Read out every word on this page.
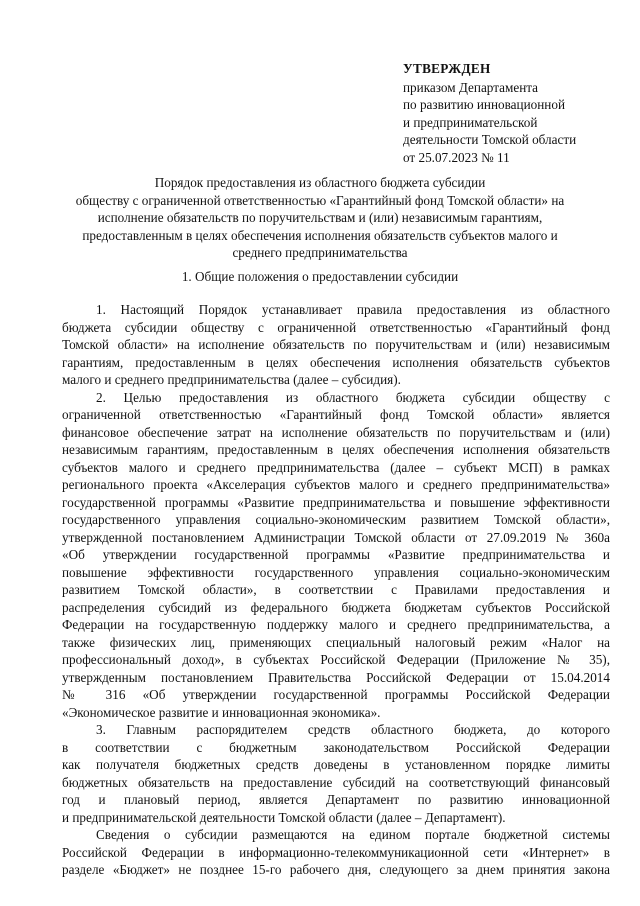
УТВЕРЖДЕН
приказом Департамента
по развитию инновационной
и предпринимательской
деятельности Томской области
от 25.07.2023 № 11
Порядок предоставления из областного бюджета субсидии
обществу с ограниченной ответственностью «Гарантийный фонд Томской области» на
исполнение обязательств по поручительствам и (или) независимым гарантиям,
предоставленным в целях обеспечения исполнения обязательств субъектов малого и
среднего предпринимательства
1. Общие положения о предоставлении субсидии
1. Настоящий Порядок устанавливает правила предоставления из областного
бюджета субсидии обществу с ограниченной ответственностью «Гарантийный фонд
Томской области» на исполнение обязательств по поручительствам и (или) независимым
гарантиям, предоставленным в целях обеспечения исполнения обязательств субъектов
малого и среднего предпринимательства (далее – субсидия).
2. Целью предоставления из областного бюджета субсидии обществу с
ограниченной ответственностью «Гарантийный фонд Томской области» является
финансовое обеспечение затрат на исполнение обязательств по поручительствам и (или)
независимым гарантиям, предоставленным в целях обеспечения исполнения обязательств
субъектов малого и среднего предпринимательства (далее – субъект МСП) в рамках
регионального проекта «Акселерация субъектов малого и среднего предпринимательства»
государственной программы «Развитие предпринимательства и повышение эффективности
государственного управления социально-экономическим развитием Томской области»,
утвержденной постановлением Администрации Томской области от 27.09.2019 № 360а
«Об утверждении государственной программы «Развитие предпринимательства и
повышение эффективности государственного управления социально-экономическим
развитием Томской области», в соответствии с Правилами предоставления и
распределения субсидий из федерального бюджета бюджетам субъектов Российской
Федерации на государственную поддержку малого и среднего предпринимательства, а
также физических лиц, применяющих специальный налоговый режим «Налог на
профессиональный доход», в субъектах Российской Федерации (Приложение № 35),
утвержденным постановлением Правительства Российской Федерации от 15.04.2014
№ 316 «Об утверждении государственной программы Российской Федерации
«Экономическое развитие и инновационная экономика».
3. Главным распорядителем средств областного бюджета, до которого
в соответствии с бюджетным законодательством Российской Федерации
как получателя бюджетных средств доведены в установленном порядке лимиты
бюджетных обязательств на предоставление субсидий на соответствующий финансовый
год и плановый период, является Департамент по развитию инновационной
и предпринимательской деятельности Томской области (далее – Департамент).
Сведения о субсидии размещаются на едином портале бюджетной системы
Российской Федерации в информационно-телекоммуникационной сети «Интернет» в
разделе «Бюджет» не позднее 15-го рабочего дня, следующего за днем принятия закона
